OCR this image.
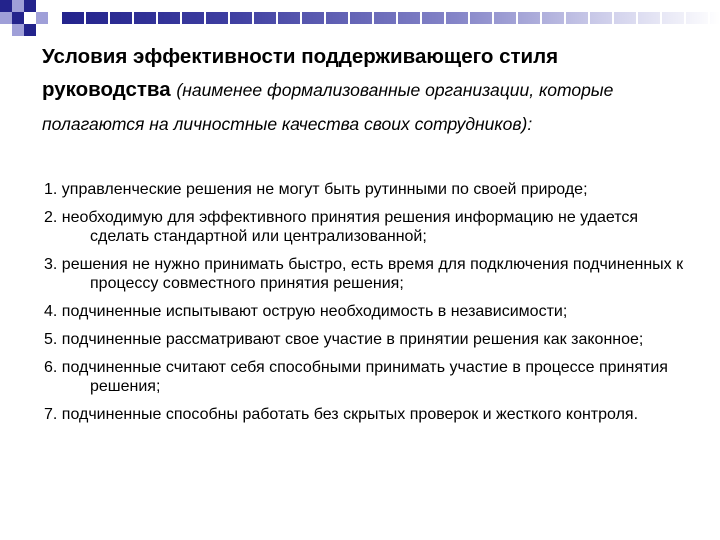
Условия эффективности поддерживающего стиля руководства (наименее формализованные организации, которые полагаются на личностные качества своих сотрудников):
1. управленческие решения не могут быть рутинными по своей природе;
2. необходимую для эффективного принятия решения информацию не удается сделать стандартной или централизованной;
3. решения не нужно принимать быстро, есть время для подключения подчиненных к процессу совместного принятия решения;
4. подчиненные испытывают острую необходимость в независимости;
5. подчиненные рассматривают свое участие в принятии решения как законное;
6. подчиненные считают себя способными принимать участие в процессе принятия решения;
7. подчиненные способны работать без скрытых проверок и жесткого контроля.
